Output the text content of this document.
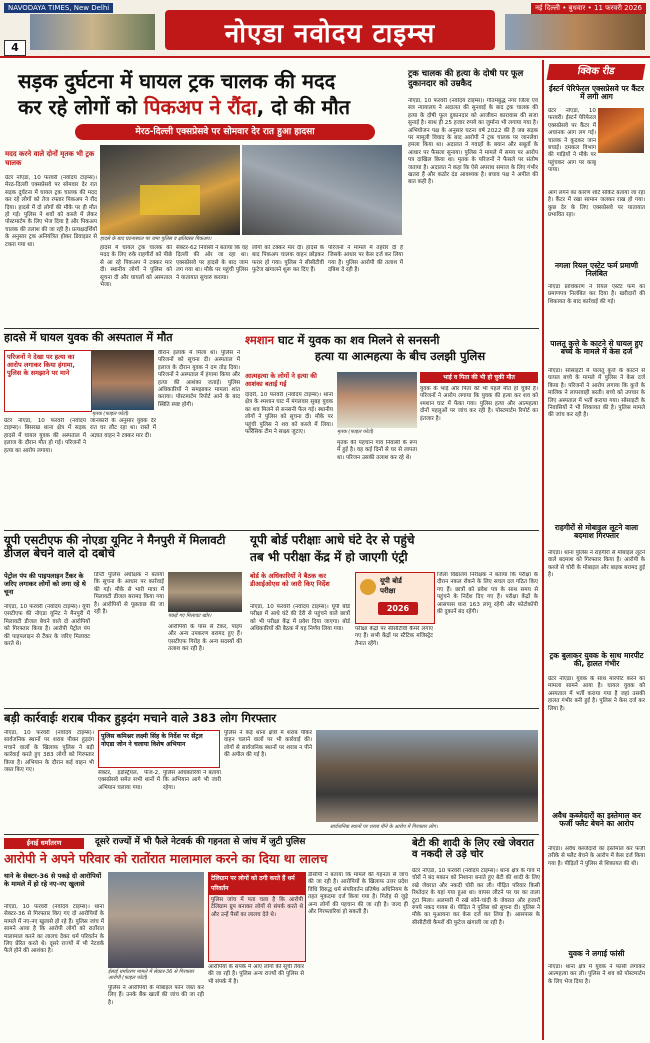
NAVODAYA TIMES, New Delhi	नई दिल्ली • बुधवार • 11 फरवरी 2026
नोएडा नवोदय टाइम्स
4
सड़क दुर्घटना में घायल ट्रक चालक की मदद
कर रहे लोगों को पिकअप ने रौंदा, दो की मौत
मेरठ-दिल्ली एक्सप्रेसवे पर सोमवार देर रात हुआ हादसा
मदद करने वाले दोनों मृतक भी ट्रक चालक
ग्रेटर नोएडा, 10 फरवरी (नवोदय टाइम्स)। मेरठ-दिल्ली एक्सप्रेसवे पर सोमवार देर रात सड़क दुर्घटना में घायल ट्रक चालक की मदद कर रहे लोगों को तेज रफ्तार पिकअप ने रौंद दिया। हादसे में दो लोगों की मौके पर ही मौत हो गई। पुलिस ने शवों को कब्जे में लेकर पोस्टमार्टम के लिए भेज दिया है और पिकअप चालक की तलाश की जा रही है। प्रत्यक्षदर्शियों के अनुसार ट्रक अनियंत्रित होकर डिवाइडर से टकरा गया था।
हादसे के बाद घटनास्थल पर जमा पुलिस व क्षतिग्रस्त पिकअप।
हादसे में घायल ट्रक चालक की मदद के लिए रुके राहगीरों को पीछे से आ रहे पिकअप ने टक्कर मार दी। स्थानीय लोगों ने पुलिस को सूचना दी और घायलों को अस्पताल भेजा।
सेक्टर-62 निवासी ने बताया कि वह दिल्ली की ओर जा रहा था। एक्सप्रेसवे पर हादसे के बाद जाम लग गया था। मौके पर पहुंची पुलिस ने यातायात सुचारु कराया।
लोगों को टक्कर मार दी। हादसे के बाद पिकअप चालक वाहन छोड़कर फरार हो गया। पुलिस ने सीसीटीवी फुटेज खंगालने शुरू कर दिए हैं।
परिजनों ने मामले में तहरीर दी है जिसके आधार पर केस दर्ज कर लिया गया है। पुलिस आरोपी की तलाश में दबिश दे रही है।
ट्रक चालक की हत्या के दोषी पर फूल दुकानदार को उम्रकैद
नोएडा, 10 फरवरी (नवोदय टाइम्स)। गौतमबुद्ध नगर जिला एवं सत्र न्यायालय ने अदालत की सुनवाई के बाद ट्रक चालक की हत्या के दोषी फूल दुकानदार को आजीवन कारावास की सजा सुनाई है। साथ ही 25 हजार रुपये का जुर्माना भी लगाया गया है। अभियोजन पक्ष के अनुसार घटना वर्ष 2022 की है जब सड़क पर मामूली विवाद के बाद आरोपी ने ट्रक चालक पर जानलेवा हमला किया था। अदालत ने गवाहों के बयान और सबूतों के आधार पर फैसला सुनाया। पुलिस ने मामले में समय पर आरोप पत्र दाखिल किया था। मृतक के परिजनों ने फैसले पर संतोष जताया है। अदालत ने कहा कि ऐसे अपराध समाज के लिए गंभीर खतरा हैं और कठोर दंड आवश्यक है। बचाव पक्ष ने अपील की बात कही है।
क्विक रीड
ईस्टर्न पेरिफेरल एक्सप्रेसवे पर कैंटर में लगी आग
ग्रेटर नोएडा, 10 फरवरी। ईस्टर्न पेरिफेरल एक्सप्रेसवे पर कैंटर में अचानक आग लग गई। चालक ने कूदकर जान बचाई। दमकल विभाग की गाड़ियों ने मौके पर पहुंचकर आग पर काबू पाया।
आग लगने का कारण शॉर्ट सर्किट बताया जा रहा है। कैंटर में रखा सामान जलकर राख हो गया। कुछ देर के लिए एक्सप्रेसवे पर यातायात प्रभावित रहा।
नगला रियल एस्टेट फर्म प्रमाणी निलंबित
नोएडा प्राधिकरण ने रियल एस्टेट फर्म का प्रमाणपत्र निलंबित कर दिया है। खरीदारों की शिकायत के बाद कार्रवाई की गई।
पालतू कुत्ते के काटने से घायल हुए बच्चे के मामले में केस दर्ज
नोएडा। सोसाइटी में पालतू कुत्ते के काटने से घायल बच्चे के मामले में पुलिस ने केस दर्ज किया है। परिजनों ने आरोप लगाया कि कुत्ते के मालिक ने लापरवाही बरती। बच्चे को उपचार के लिए अस्पताल में भर्ती कराया गया। सोसाइटी के निवासियों ने भी शिकायत की है। पुलिस मामले की जांच कर रही है।
राहगीरों से मोबाइल लूटने वाला बदमाश गिरफ्तार
नोएडा। थाना पुलिस ने राहगीरों से मोबाइल लूटने वाले बदमाश को गिरफ्तार किया है। आरोपी के कब्जे से चोरी के मोबाइल और बाइक बरामद हुई है।
ट्रक बुलाकर युवक के साथ मारपीट की, हालत गंभीर
ग्रेटर नोएडा। युवक के साथ मारपीट करने का मामला सामने आया है। घायल युवक को अस्पताल में भर्ती कराया गया है जहां उसकी हालत गंभीर बनी हुई है। पुलिस ने केस दर्ज कर लिया है।
अवैध कब्जेदारों का इस्तेमाल कर फर्जी फ्लैट बेचने का आरोप
नोएडा। अवैध कब्जेदारों का इस्तेमाल कर फर्जी तरीके से फ्लैट बेचने के आरोप में केस दर्ज किया गया है। पीड़ितों ने पुलिस से शिकायत की थी।
युवक ने लगाई फांसी
नोएडा। थाना क्षेत्र में युवक ने फांसी लगाकर आत्महत्या कर ली। पुलिस ने शव को पोस्टमार्टम के लिए भेज दिया है।
हादसे में घायल युवक की अस्पताल में मौत
परिजनों ने देखा पर हत्या का आरोप लगाकर किया हंगामा, पुलिस के समझाने पर माने
मृतक (फाइल फोटो)
वीरान इलाके में मिला था। पुलिस ने परिजनों को सूचना दी। अस्पताल में इलाज के दौरान युवक ने दम तोड़ दिया। परिजनों ने अस्पताल में हंगामा किया और हत्या की आशंका जताई। पुलिस अधिकारियों ने समझाकर मामला शांत कराया। पोस्टमार्टम रिपोर्ट आने के बाद स्थिति स्पष्ट होगी।
ग्रेटर नोएडा, 10 फरवरी (नवोदय टाइम्स)। बिसरख थाना क्षेत्र में सड़क हादसे में घायल युवक की अस्पताल में इलाज के दौरान मौत हो गई। परिजनों ने हत्या का आरोप लगाया।
जानकारी के अनुसार युवक देर रात घर लौट रहा था। रास्ते में अज्ञात वाहन ने टक्कर मार दी।
श्मशान घाट में युवक का शव मिलने से सनसनी
हत्या या आत्महत्या के बीच उलझी पुलिस
आत्महत्या के लोगों ने हत्या की आशंका बताई गई
दादरी, 10 फरवरी (नवोदय टाइम्स)। थाना क्षेत्र के श्मशान घाट में मंगलवार सुबह युवक का शव मिलने से सनसनी फैल गई। स्थानीय लोगों ने पुलिस को सूचना दी। मौके पर पहुंची पुलिस ने शव को कब्जे में लिया। फॉरेंसिक टीम ने साक्ष्य जुटाए।	मृतक (फाइल फोटो)
भाई व पिता की भी हो चुकी मौत
युवक के भाई और पिता की भी पहले मौत हो चुकी है। परिजनों ने आरोप लगाया कि युवक की हत्या कर शव को श्मशान घाट में फेंका गया। पुलिस हत्या और आत्महत्या दोनों पहलुओं पर जांच कर रही है। पोस्टमार्टम रिपोर्ट का इंतजार है।
मृतक की पहचान गांव निवासी के रूप में हुई है। वह कई दिनों से घर से लापता था। परिजन उसकी तलाश कर रहे थे।
यूपी एसटीएफ की नोएडा यूनिट ने मैनपुरी में मिलावटी डीजल बेचने वाले दो दबोचे
पेट्रोल पंप की पाइपलाइन टैंकर के जरिए लगाकर लोगों को लगा रहे थे चूना
नोएडा, 10 फरवरी (नवोदय टाइम्स)। यूपी एसटीएफ की नोएडा यूनिट ने मैनपुरी में मिलावटी डीजल बेचने वाले दो आरोपियों को गिरफ्तार किया है। आरोपी पेट्रोल पंप की पाइपलाइन से टैंकर के जरिए मिलावट करते थे।
डिप्टी पुलिस अधीक्षक ने बताया कि सूचना के आधार पर कार्रवाई की गई। मौके से भारी मात्रा में मिलावटी डीजल बरामद किया गया है। आरोपियों से पूछताछ की जा रही है।
पकड़े गए मिलावट खोर।
आरोपियों के पास से टैंकर, पाइप और अन्य उपकरण बरामद हुए हैं। एसटीएफ गिरोह के अन्य सदस्यों की तलाश कर रही है।
यूपी बोर्ड परीक्षाः आधे घंटे देर से पहुंचे
तब भी परीक्षा केंद्र में हो जाएगी एंट्री
बोर्ड के अधिकारियों ने बैठक कर डीआईओएस को जारी किए निर्देश
नोएडा, 10 फरवरी (नवोदय टाइम्स)। यूपी बोर्ड परीक्षा में आधे घंटे की देरी से पहुंचने वाले छात्रों को भी परीक्षा केंद्र में प्रवेश दिया जाएगा। बोर्ड अधिकारियों की बैठक में यह निर्णय लिया गया।
यूपी बोर्ड
परीक्षा
2026
परीक्षा केंद्रों पर सीसीटीवी कैमरे लगाए गए हैं। सभी केंद्रों पर स्टैटिक मजिस्ट्रेट तैनात रहेंगे।
जिला विद्यालय निरीक्षक ने बताया कि परीक्षा के दौरान नकल रोकने के लिए सचल दल गठित किए गए हैं। छात्रों को प्रवेश पत्र के साथ समय से पहुंचने के निर्देश दिए गए हैं। परीक्षा केंद्रों के आसपास धारा 163 लागू रहेगी और फोटोकॉपी की दुकानें बंद रहेंगी।
बड़ी कार्रवाईः शराब पीकर हुड़दंग मचाने वाले 383 लोग गिरफ्तार
नोएडा, 10 फरवरी (नवोदय टाइम्स)। सार्वजनिक स्थानों पर शराब पीकर हुड़दंग मचाने वालों के खिलाफ पुलिस ने बड़ी कार्रवाई करते हुए 383 लोगों को गिरफ्तार किया है। अभियान के दौरान कई वाहन भी जब्त किए गए।
पुलिस कमिश्नर लक्ष्मी सिंह के निर्देश पर सेंट्रल नोएडा जोन ने चलाया विशेष अभियान
सेक्टर, इंडस्ट्रियल, फेज-2, एक्सप्रेसवे समेत सभी थानों में अभियान चलाया गया।
पुलिस अधिकारियों ने बताया कि अभियान आगे भी जारी रहेगा।
पुलिस ने कई थाना क्षेत्रों में शराब पीकर वाहन चलाने वालों पर भी कार्रवाई की। लोगों से सार्वजनिक स्थानों पर शराब न पीने की अपील की गई है।
सार्वजनिक स्थानों पर शराब पीने के आरोप में गिरफ्तार लोग।
ईनाई धर्मांतरण	दूसरे राज्यों में भी फैले नेटवर्क की गहनता से जांच में जुटी पुलिस
आरोपी ने अपने परिवार को रातोंरात मालामाल करने का दिया था लालच
थाने के सेक्टर-36 से पकड़े दो आरोपियों के मामले में हो रहे नए-नए खुलासे
नोएडा, 10 फरवरी (नवोदय टाइम्स)। थाना सेक्टर-36 से गिरफ्तार किए गए दो आरोपियों के मामले में नए-नए खुलासे हो रहे हैं। पुलिस जांच में सामने आया है कि आरोपी लोगों को रातोंरात मालामाल करने का लालच देकर धर्म परिवर्तन के लिए प्रेरित करते थे। दूसरे राज्यों में भी नेटवर्क फैले होने की आशंका है।
ईसाई धर्मांतरण मामले में सेक्टर-36 से गिरफ्तार आरोपी (फाइल फोटो)
पुलिस ने आरोपियों के मोबाइल फोन जब्त कर लिए हैं। उनके बैंक खातों की जांच की जा रही है।
टेलिग्राम पर लोगों को ठगी करते हैं धर्म परिवर्तन
पुलिस जांच में पता चला है कि आरोपी टेलिग्राम ग्रुप बनाकर लोगों से संपर्क करते थे और उन्हें पैसों का लालच देते थे।
आरोपियों के संपर्क में आए लोगों की सूची तैयार की जा रही है। पुलिस अन्य राज्यों की पुलिस से भी संपर्क में है।
डीसीपी ने बताया कि मामले की गहनता से जांच की जा रही है। आरोपियों के खिलाफ उत्तर प्रदेश विधि विरुद्ध धर्म संपरिवर्तन प्रतिषेध अधिनियम के तहत मुकदमा दर्ज किया गया है। गिरोह से जुड़े अन्य लोगों की पहचान की जा रही है। जल्द ही और गिरफ्तारियां हो सकती हैं।
बेटी की शादी के लिए रखे जेवरात व नकदी ले उड़े चोर
ग्रेटर नोएडा, 10 फरवरी (नवोदय टाइम्स)। थाना क्षेत्र के गांव में चोरों ने बंद मकान को निशाना बनाते हुए बेटी की शादी के लिए रखे जेवरात और नकदी चोरी कर ली। पीड़ित परिवार किसी रिश्तेदार के यहां गया हुआ था। वापस लौटने पर घर का ताला टूटा मिला। अलमारी में रखे सोने-चांदी के जेवरात और हजारों रुपये नकद गायब थे। पीड़ित ने पुलिस को सूचना दी। पुलिस ने मौके का मुआयना कर केस दर्ज कर लिया है। आसपास के सीसीटीवी कैमरों की फुटेज खंगाली जा रही है।
